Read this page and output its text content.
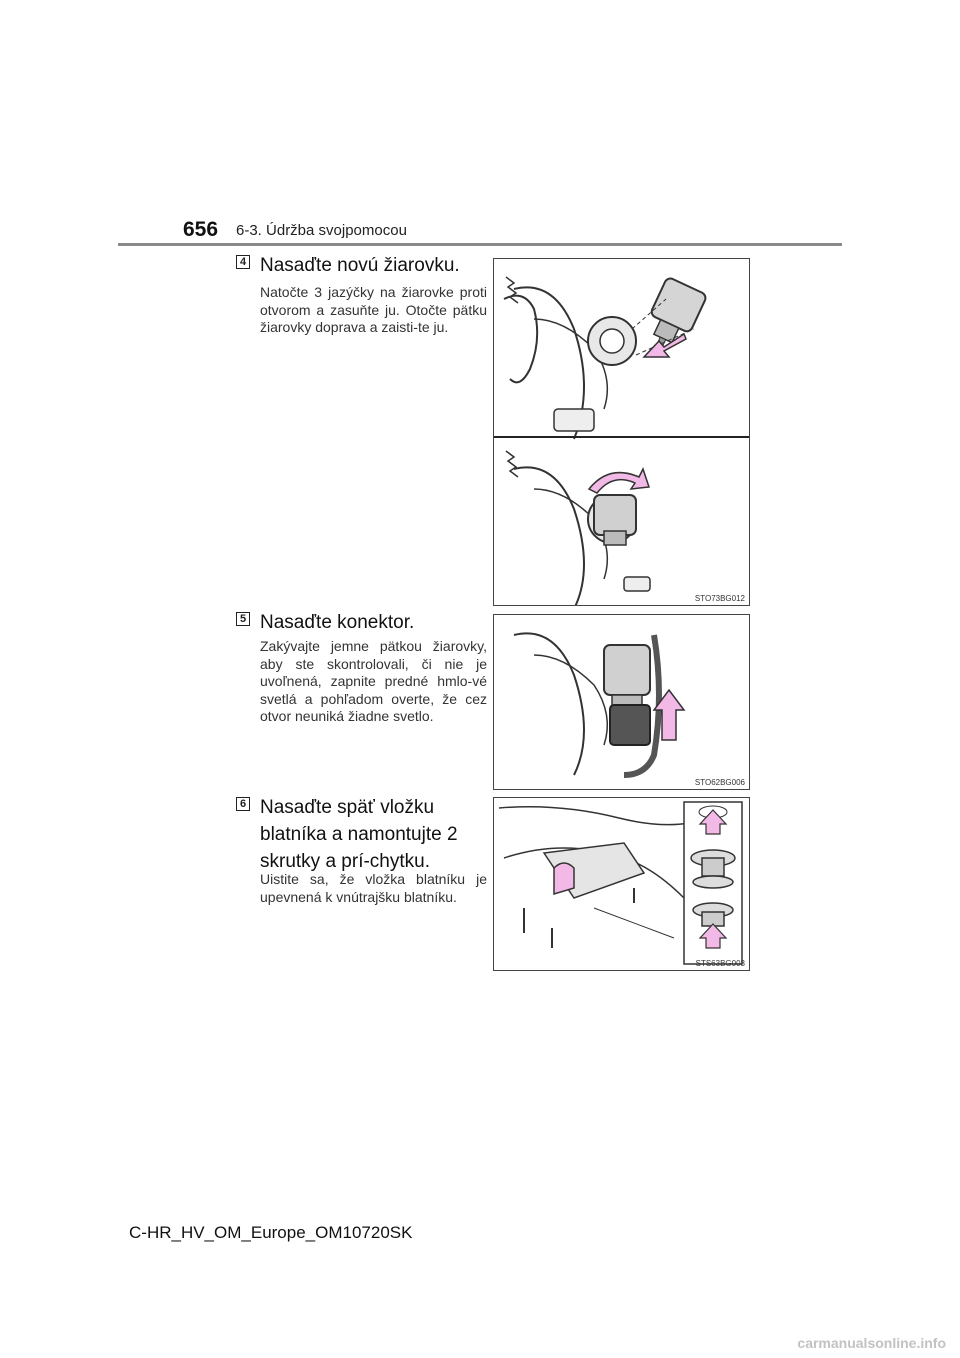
656 6-3. Údržba svojpomocou
4 Nasaďte novú žiarovku.
Natočte 3 jazýčky na žiarovke proti otvorom a zasuňte ju. Otočte pätku žiarovky doprava a zaisti-te ju.
STO73BG012
5 Nasaďte konektor.
Zakývajte jemne pätkou žiarovky, aby ste skontrolovali, či nie je uvoľnená, zapnite predné hmlo-vé svetlá a pohľadom overte, že cez otvor neuniká žiadne svetlo.
STO62BG006
6 Nasaďte späť vložku blatníka a namontujte 2 skrutky a prí-chytku.
Uistite sa, že vložka blatníku je upevnená k vnútrajšku blatníku.
STS63BG003
C-HR_HV_OM_Europe_OM10720SK
carmanualsonline.info
